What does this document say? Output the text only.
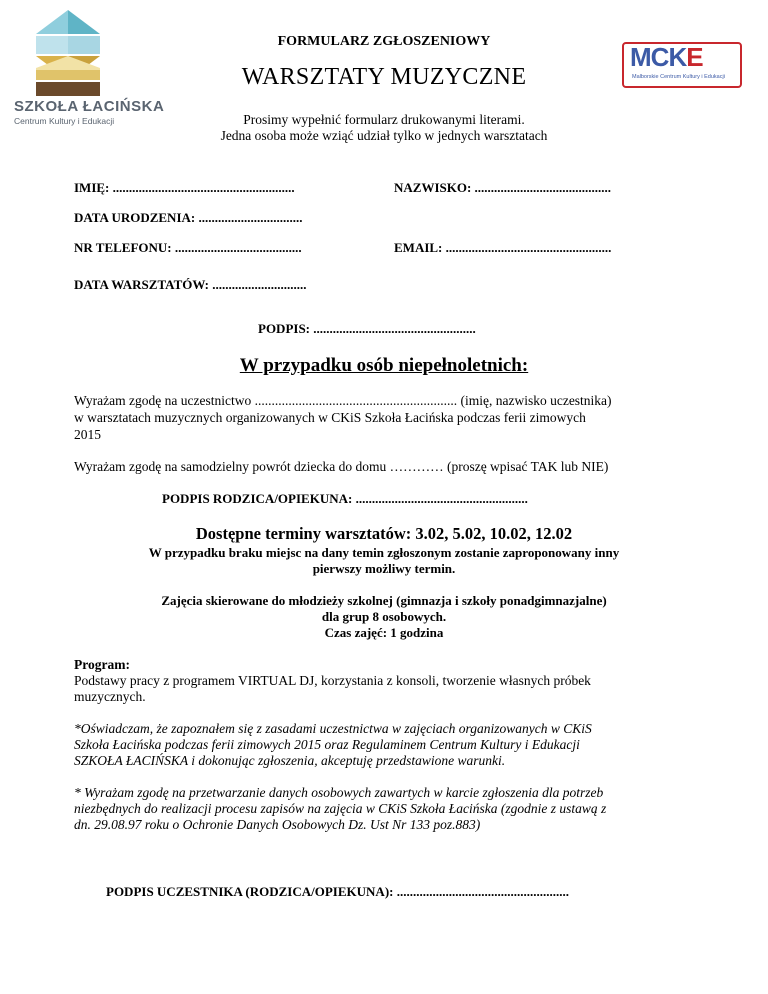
SZKOŁA ŁACIŃSKA
Centrum Kultury i Edukacji
MCKE
Malborskie Centrum Kultury i Edukacji
FORMULARZ ZGŁOSZENIOWY
WARSZTATY MUZYCZNE
Prosimy wypełnić formularz drukowanymi literami.
Jedna osoba może wziąć udział tylko w jednych warsztatach
IMIĘ: ........................................................	NAZWISKO: ..........................................
DATA URODZENIA: ................................
NR TELEFONU: .......................................	EMAIL: ...................................................
DATA WARSZTATÓW: .............................
PODPIS: ..................................................
W przypadku osób niepełnoletnich:
Wyrażam zgodę na uczestnictwo ............................................................ (imię, nazwisko uczestnika)
w warsztatach muzycznych organizowanych w CKiS Szkoła Łacińska podczas ferii zimowych
2015
Wyrażam zgodę na samodzielny powrót dziecka do domu ………… (proszę wpisać TAK lub NIE)
PODPIS RODZICA/OPIEKUNA: .....................................................
Dostępne terminy warsztatów: 3.02, 5.02, 10.02, 12.02
W przypadku braku miejsc na dany temin zgłoszonym zostanie zaproponowany inny
pierwszy możliwy termin.
Zajęcia skierowane do młodzieży szkolnej (gimnazja i szkoły ponadgimnazjalne)
dla grup 8 osobowych.
Czas zajęć: 1 godzina
Program:
Podstawy pracy z programem VIRTUAL DJ, korzystania z konsoli, tworzenie własnych próbek
muzycznych.
*Oświadczam, że zapoznałem się z zasadami uczestnictwa w zajęciach organizowanych w CKiS
Szkoła Łacińska podczas ferii zimowych 2015 oraz Regulaminem Centrum Kultury i Edukacji
SZKOŁA ŁACIŃSKA i dokonując zgłoszenia, akceptuję przedstawione warunki.
* Wyrażam zgodę na przetwarzanie danych osobowych zawartych w karcie zgłoszenia dla potrzeb
niezbędnych do realizacji procesu zapisów na zajęcia w CKiS Szkoła Łacińska (zgodnie z ustawą z
dn. 29.08.97 roku o Ochronie Danych Osobowych Dz. Ust Nr 133 poz.883)
PODPIS UCZESTNIKA (RODZICA/OPIEKUNA): .....................................................
